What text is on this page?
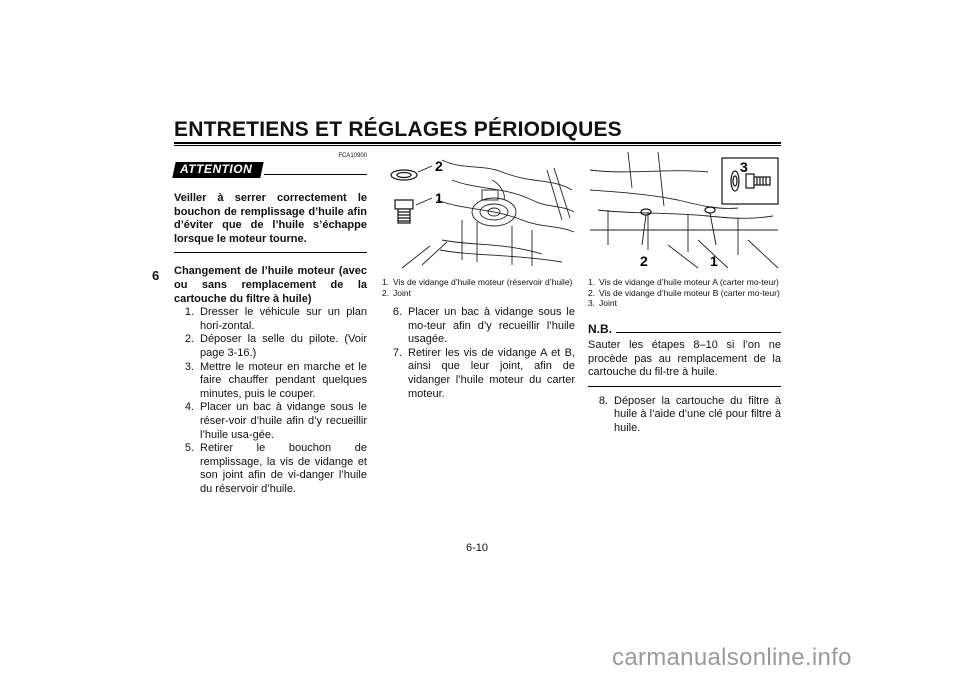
ENTRETIENS ET RÉGLAGES PÉRIODIQUES
6
ATTENTION
FCA10900
Veiller à serrer correctement le bouchon de remplissage d’huile afin d’éviter que de l’huile s’échappe lorsque le moteur tourne.
Changement de l’huile moteur (avec ou sans remplacement de la cartouche du filtre à huile)
1. Dresser le véhicule sur un plan hori-zontal.
2. Déposer la selle du pilote. (Voir page 3-16.)
3. Mettre le moteur en marche et le faire chauffer pendant quelques minutes, puis le couper.
4. Placer un bac à vidange sous le réser-voir d’huile afin d’y recueillir l’huile usa-gée.
5. Retirer le bouchon de remplissage, la vis de vidange et son joint afin de vi-danger l’huile du réservoir d’huile.
2
1
1. Vis de vidange d’huile moteur (réservoir d’huile)
2. Joint
6. Placer un bac à vidange sous le mo-teur afin d’y recueillir l’huile usagée.
7. Retirer les vis de vidange A et B, ainsi que leur joint, afin de vidanger l’huile moteur du carter moteur.
3
2	1
1. Vis de vidange d’huile moteur A (carter mo-teur)
2. Vis de vidange d’huile moteur B (carter mo-teur)
3. Joint
N.B.
Sauter les étapes 8–10 si l’on ne procède pas au remplacement de la cartouche du fil-tre à huile.
8. Déposer la cartouche du filtre à huile à l’aide d’une clé pour filtre à huile.
6-10
carmanualsonline.info
